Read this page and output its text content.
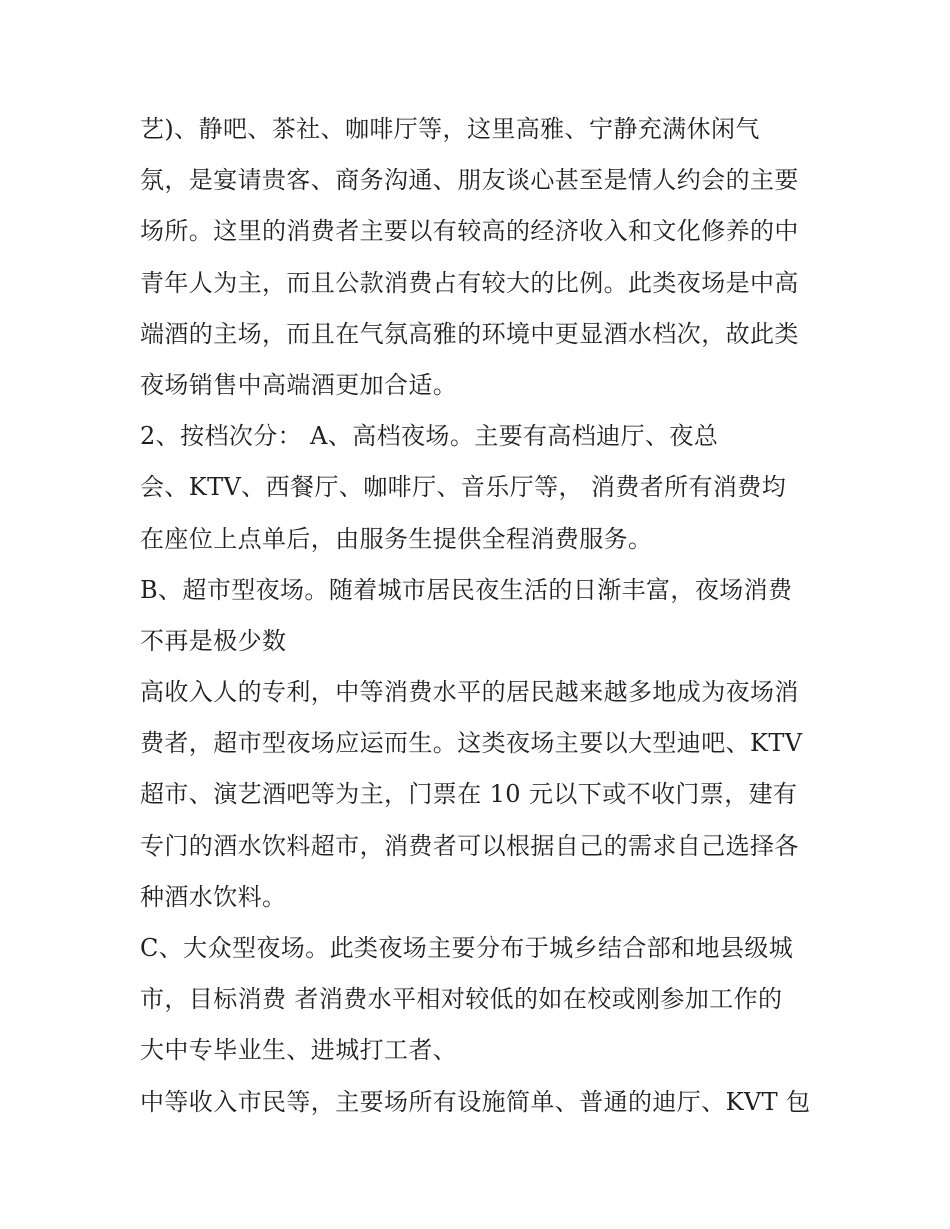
艺)、静吧、茶社、咖啡厅等，这里高雅、宁静充满休闲气
氛，是宴请贵客、商务沟通、朋友谈心甚至是情人约会的主要
场所。这里的消费者主要以有较高的经济收入和文化修养的中
青年人为主，而且公款消费占有较大的比例。此类夜场是中高
端酒的主场，而且在气氛高雅的环境中更显酒水档次，故此类
夜场销售中高端酒更加合适。
2、按档次分： A、高档夜场。主要有高档迪厅、夜总
会、KTV、西餐厅、咖啡厅、音乐厅等， 消费者所有消费均
在座位上点单后，由服务生提供全程消费服务。
B、超市型夜场。随着城市居民夜生活的日渐丰富，夜场消费
不再是极少数
高收入人的专利，中等消费水平的居民越来越多地成为夜场消
费者，超市型夜场应运而生。这类夜场主要以大型迪吧、KTV
超市、演艺酒吧等为主，门票在 10 元以下或不收门票，建有
专门的酒水饮料超市，消费者可以根据自己的需求自己选择各
种酒水饮料。
C、大众型夜场。此类夜场主要分布于城乡结合部和地县级城
市，目标消费 者消费水平相对较低的如在校或刚参加工作的
大中专毕业生、进城打工者、
中等收入市民等，主要场所有设施简单、普通的迪厅、KVT 包
